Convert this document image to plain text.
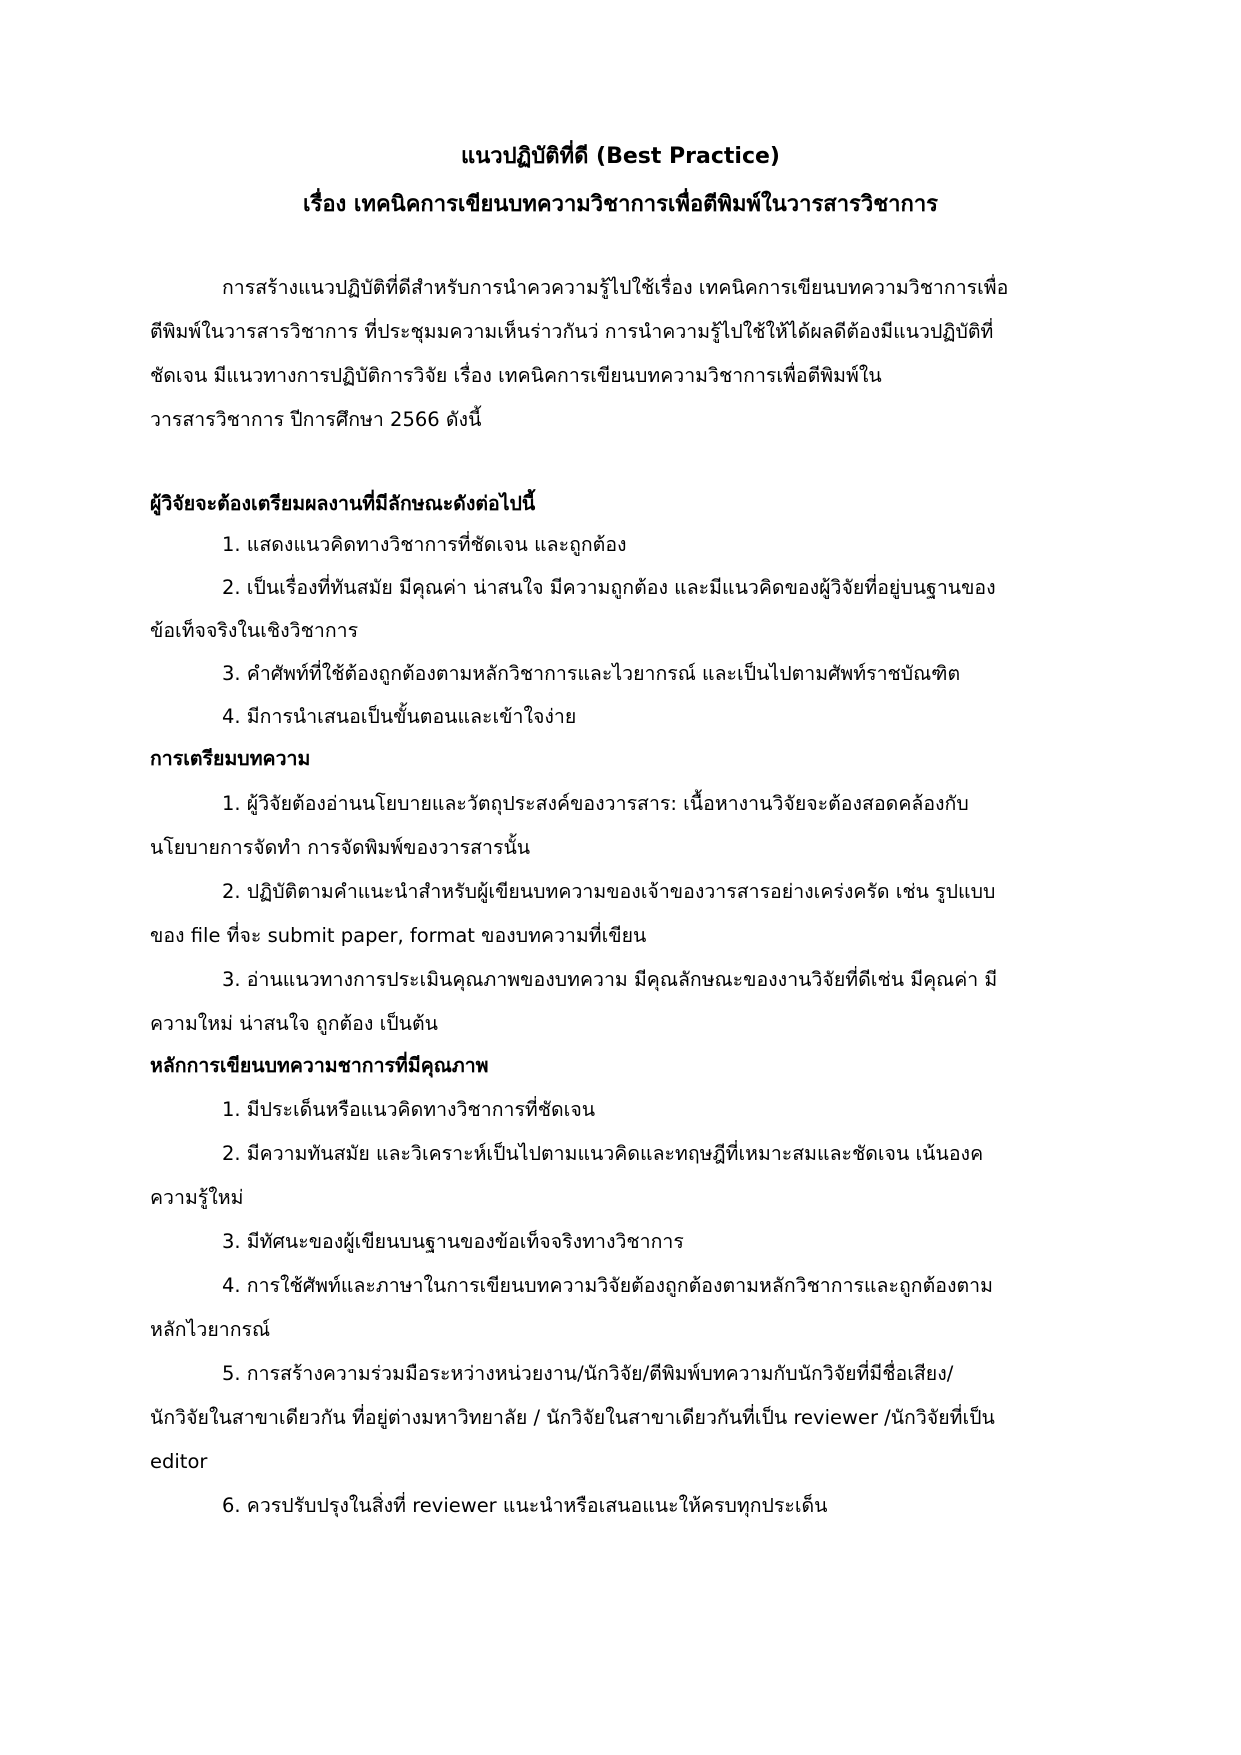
แนวปฏิบัติที่ดี (Best Practice)
เรื่อง เทคนิคการเขียนบทความวิชาการเพื่อตีพิมพ์ในวารสารวิชาการ
การสร้างแนวปฏิบัติที่ดีสำหรับการนำควความรู้ไปใช้เรื่อง เทคนิคการเขียนบทความวิชาการเพื่อ
ตีพิมพ์ในวารสารวิชาการ ที่ประชุมมความเห็นร่าวกันว่ การนำความรู้ไปใช้ให้ได้ผลดีต้องมีแนวปฏิบัติที่
ชัดเจน มีแนวทางการปฏิบัติการวิจัย เรื่อง เทคนิคการเขียนบทความวิชาการเพื่อตีพิมพ์ใน
วารสารวิชาการ ปีการศึกษา 2566 ดังนี้
ผู้วิจัยจะต้องเตรียมผลงานที่มีลักษณะดังต่อไปนี้
1. แสดงแนวคิดทางวิชาการที่ชัดเจน และถูกต้อง
2. เป็นเรื่องที่ทันสมัย มีคุณค่า น่าสนใจ มีความถูกต้อง และมีแนวคิดของผู้วิจัยที่อยู่บนฐานของ
ข้อเท็จจริงในเชิงวิชาการ
3. คำศัพท์ที่ใช้ต้องถูกต้องตามหลักวิชาการและไวยากรณ์ และเป็นไปตามศัพท์ราชบัณฑิต
4. มีการนำเสนอเป็นขั้นตอนและเข้าใจง่าย
การเตรียมบทความ
1. ผู้วิจัยต้องอ่านนโยบายและวัตถุประสงค์ของวารสาร: เนื้อหางานวิจัยจะต้องสอดคล้องกับ
นโยบายการจัดทำ การจัดพิมพ์ของวารสารนั้น
2. ปฏิบัติตามคำแนะนำสำหรับผู้เขียนบทความของเจ้าของวารสารอย่างเคร่งครัด เช่น รูปแบบ
ของ file ที่จะ submit paper, format ของบทความที่เขียน
3. อ่านแนวทางการประเมินคุณภาพของบทความ มีคุณลักษณะของงานวิจัยที่ดีเช่น มีคุณค่า มี
ความใหม่ น่าสนใจ ถูกต้อง เป็นต้น
หลักการเขียนบทความชาการที่มีคุณภาพ
1. มีประเด็นหรือแนวคิดทางวิชาการที่ชัดเจน
2. มีความทันสมัย และวิเคราะห์เป็นไปตามแนวคิดและทฤษฎีที่เหมาะสมและชัดเจน เน้นองค
ความรู้ใหม่
3. มีทัศนะของผู้เขียนบนฐานของข้อเท็จจริงทางวิชาการ
4. การใช้ศัพท์และภาษาในการเขียนบทความวิจัยต้องถูกต้องตามหลักวิชาการและถูกต้องตาม
หลักไวยากรณ์
5. การสร้างความร่วมมือระหว่างหน่วยงาน/นักวิจัย/ตีพิมพ์บทความกับนักวิจัยที่มีชื่อเสียง/
นักวิจัยในสาขาเดียวกัน ที่อยู่ต่างมหาวิทยาลัย / นักวิจัยในสาขาเดียวกันที่เป็น reviewer /นักวิจัยที่เป็น
editor
6. ควรปรับปรุงในสิ่งที่ reviewer แนะนำหรือเสนอแนะให้ครบทุกประเด็น
